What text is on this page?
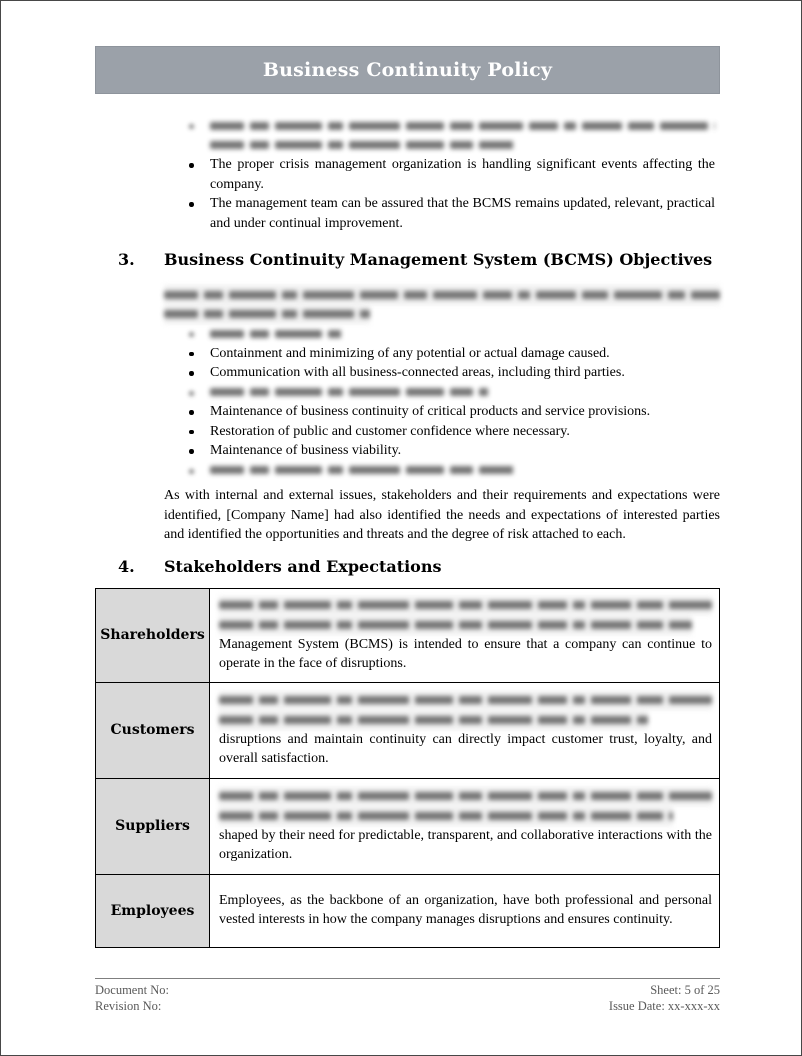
Business Continuity Policy
The proper crisis management organization is handling significant events affecting the company.
The management team can be assured that the BCMS remains updated, relevant, practical and under continual improvement.
3. Business Continuity Management System (BCMS) Objectives
Containment and minimizing of any potential or actual damage caused.
Communication with all business-connected areas, including third parties.
Maintenance of business continuity of critical products and service provisions.
Restoration of public and customer confidence where necessary.
Maintenance of business viability.

As with internal and external issues, stakeholders and their requirements and expectations were identified, [Company Name] had also identified the needs and expectations of interested parties and identified the opportunities and threats and the degree of risk attached to each.

4. Stakeholders and Expectations
Shareholders	Management System (BCMS) is intended to ensure that a company can continue to operate in the face of disruptions.

Customers	disruptions and maintain continuity can directly impact customer trust, loyalty, and overall satisfaction.

Suppliers	shaped by their need for predictable, transparent, and collaborative interactions with the organization.

Employees	Employees, as the backbone of an organization, have both professional and personal vested interests in how the company manages disruptions and ensures continuity.
Document No:
Revision No:
Sheet: 5 of 25
Issue Date: xx-xxx-xx
